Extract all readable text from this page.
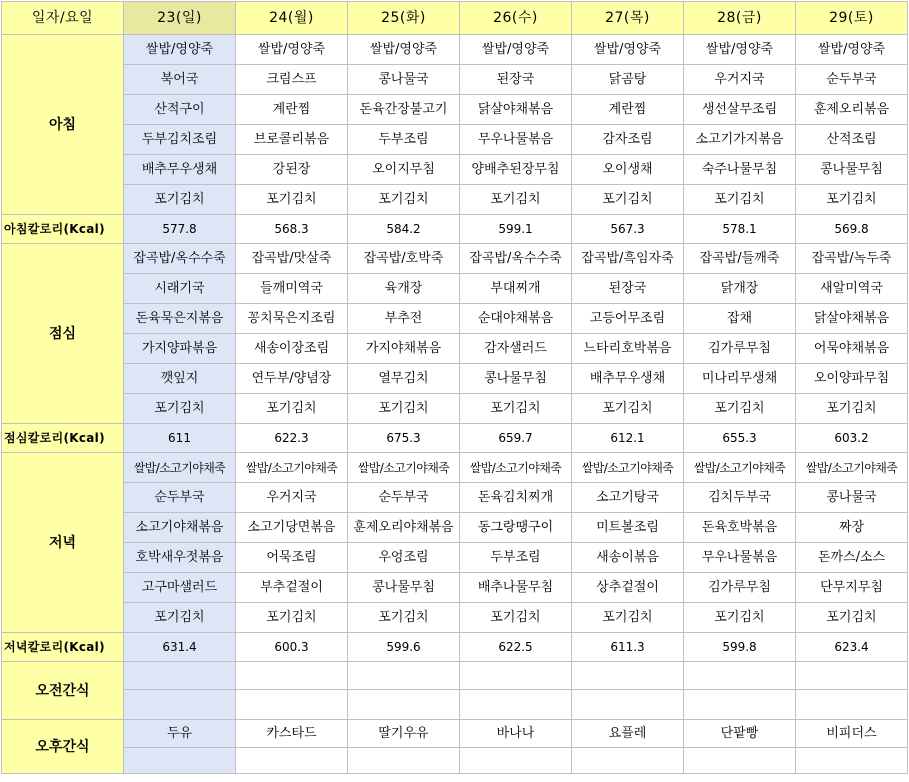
일자/요일	23(일)	24(월)	25(화)	26(수)	27(목)	28(금)	29(토)
아침	쌀밥/영양죽	쌀밥/영양죽	쌀밥/영양죽	쌀밥/영양죽	쌀밥/영양죽	쌀밥/영양죽	쌀밥/영양죽
	북어국	크림스프	콩나물국	된장국	닭곰탕	우거지국	순두부국
	산적구이	계란찜	돈육간장불고기	닭살야채볶음	계란찜	생선살무조림	훈제오리볶음
	두부김치조림	브로콜리볶음	두부조림	무우나물볶음	감자조림	소고기가지볶음	산적조림
	배추무우생채	강된장	오이지무침	양배추된장무침	오이생채	숙주나물무침	콩나물무침
	포기김치	포기김치	포기김치	포기김치	포기김치	포기김치	포기김치
아침칼로리(Kcal)	577.8	568.3	584.2	599.1	567.3	578.1	569.8
점심	잡곡밥/옥수수죽	잡곡밥/맛살죽	잡곡밥/호박죽	잡곡밥/옥수수죽	잡곡밥/흑임자죽	잡곡밥/들깨죽	잡곡밥/녹두죽
	시래기국	들깨미역국	육개장	부대찌개	된장국	닭개장	새알미역국
	돈육묵은지볶음	꽁치묵은지조림	부추전	순대야채볶음	고등어무조림	잡채	닭살야채볶음
	가지양파볶음	새송이장조림	가지야채볶음	감자샐러드	느타리호박볶음	김가루무침	어묵야채볶음
	깻잎지	연두부/양념장	열무김치	콩나물무침	배추무우생채	미나리무생채	오이양파무침
	포기김치	포기김치	포기김치	포기김치	포기김치	포기김치	포기김치
점심칼로리(Kcal)	611	622.3	675.3	659.7	612.1	655.3	603.2
저녁	쌀밥/소고기야채죽	쌀밥/소고기야채죽	쌀밥/소고기야채죽	쌀밥/소고기야채죽	쌀밥/소고기야채죽	쌀밥/소고기야채죽	쌀밥/소고기야채죽
	순두부국	우거지국	순두부국	돈육김치찌개	소고기탕국	김치두부국	콩나물국
	소고기야채볶음	소고기당면볶음	훈제오리야채볶음	동그랑땡구이	미트볼조림	돈육호박볶음	짜장
	호박새우젓볶음	어묵조림	우엉조림	두부조림	새송이볶음	무우나물볶음	돈까스/소스
	고구마샐러드	부추겉절이	콩나물무침	배추나물무침	상추겉절이	김가루무침	단무지무침
	포기김치	포기김치	포기김치	포기김치	포기김치	포기김치	포기김치
저녁칼로리(Kcal)	631.4	600.3	599.6	622.5	611.3	599.8	623.4
오전간식							

오후간식	두유	카스타드	딸기우유	바나나	요플레	단팥빵	비피더스
